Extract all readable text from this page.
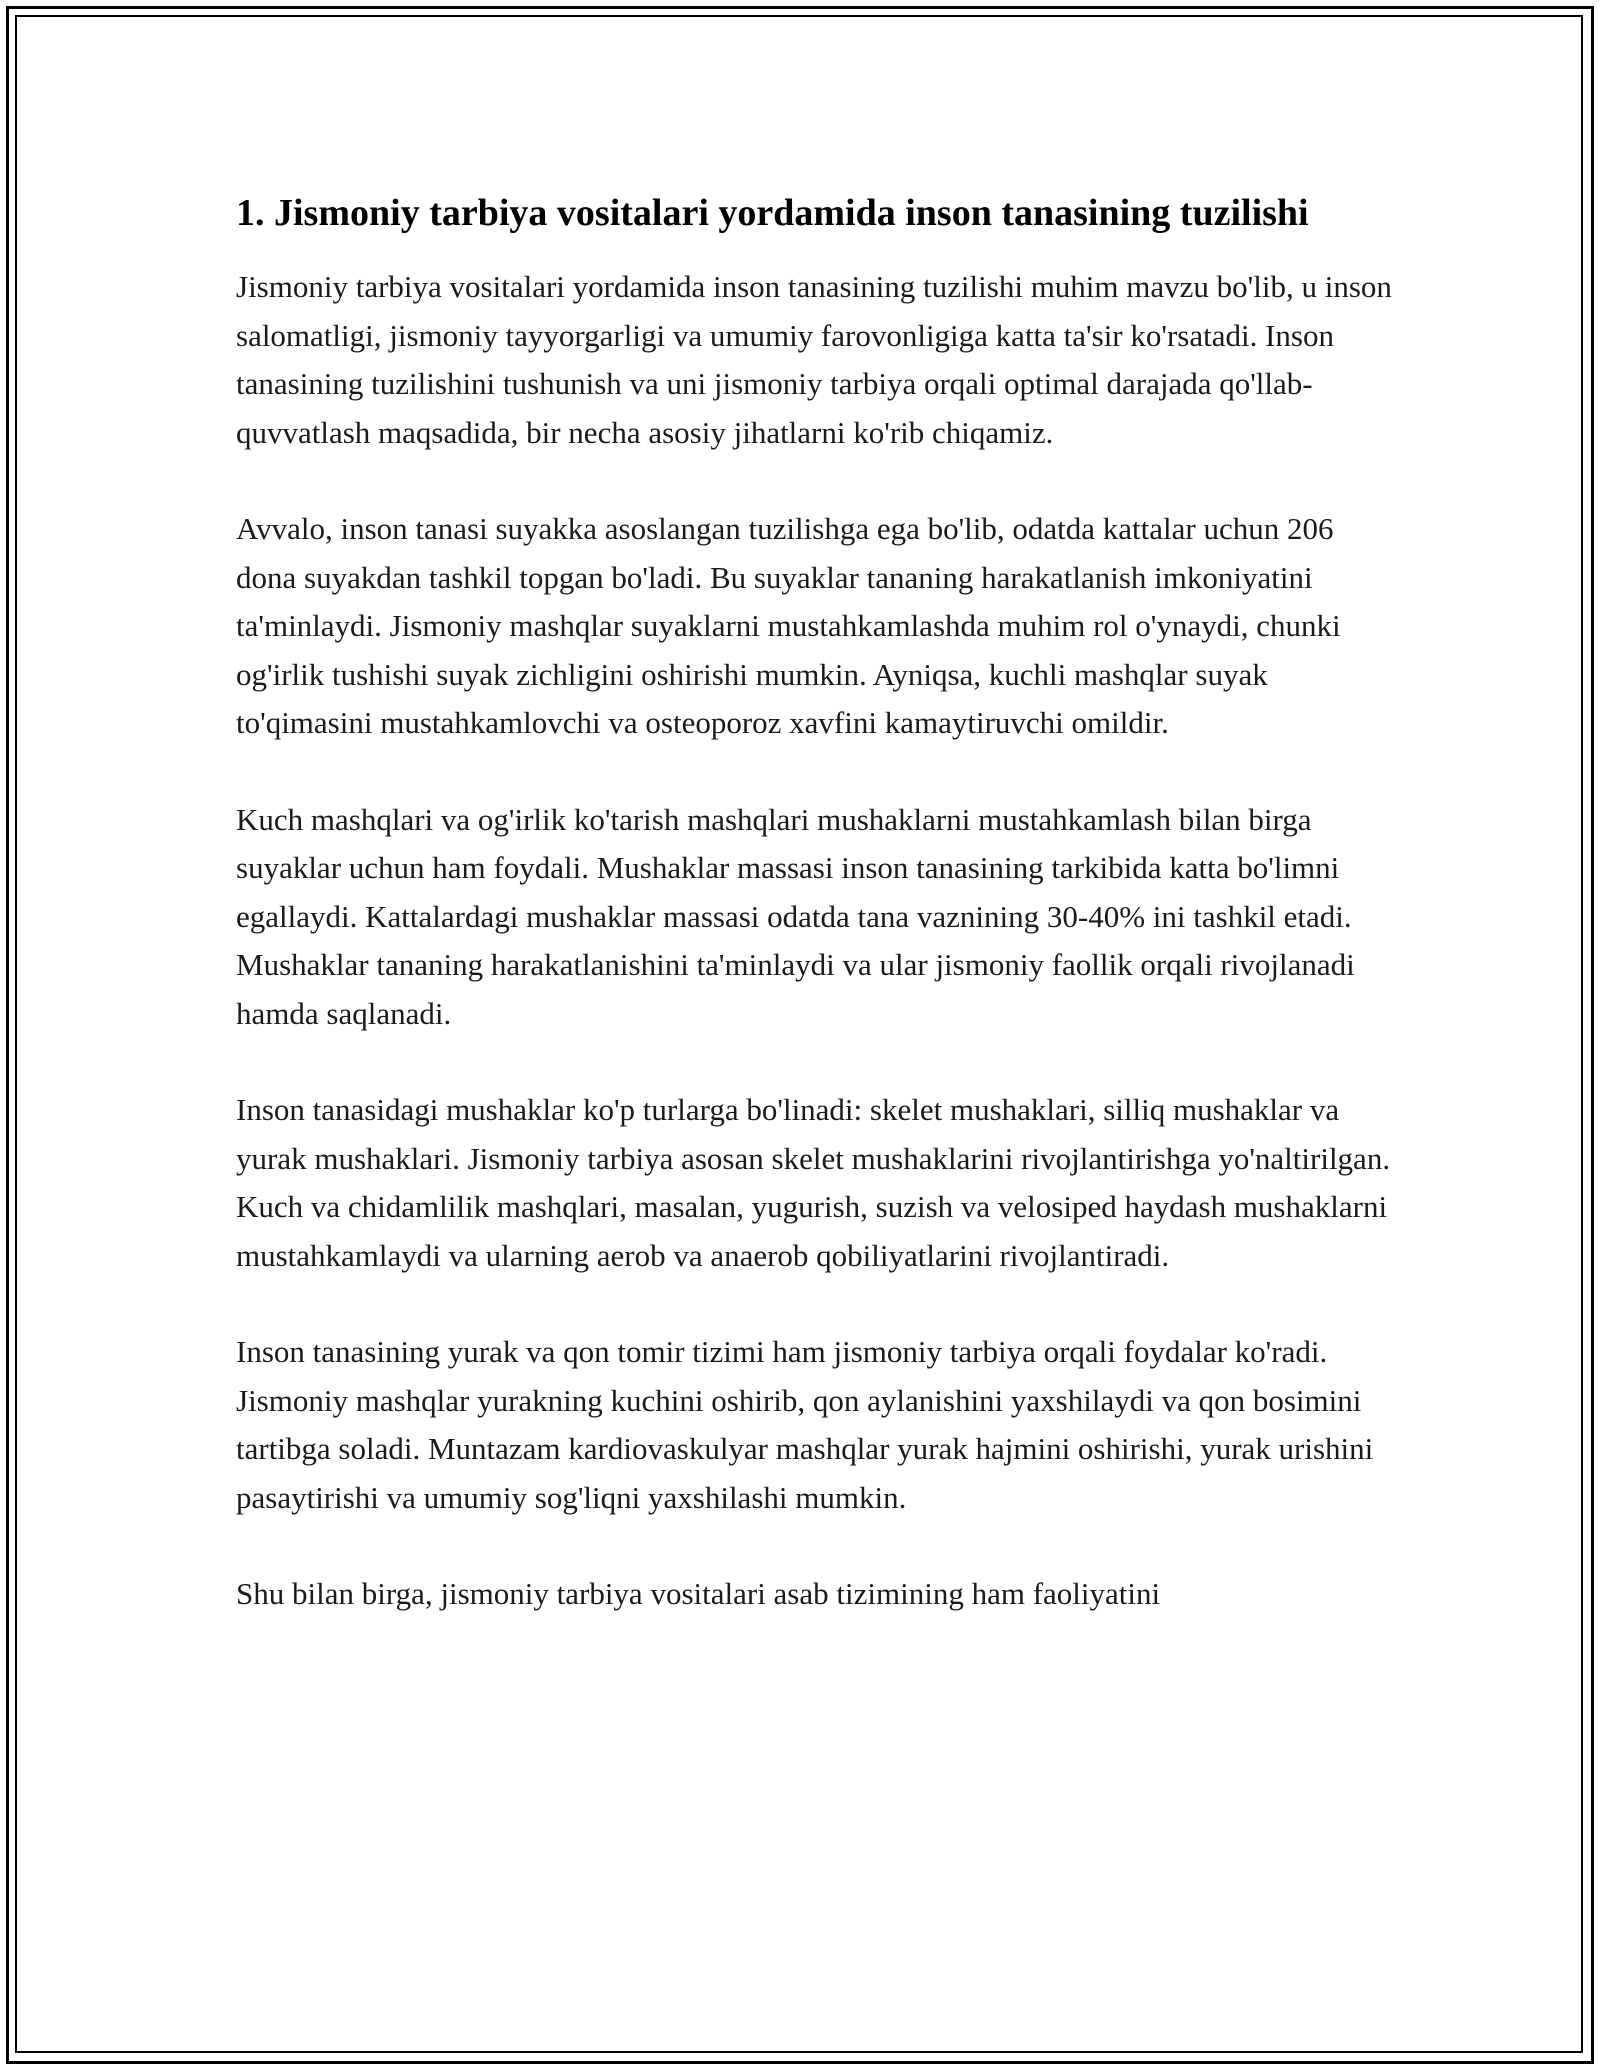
1. Jismoniy tarbiya vositalari yordamida inson tanasining tuzilishi

Jismoniy tarbiya vositalari yordamida inson tanasining tuzilishi muhim mavzu bo'lib, u inson salomatligi, jismoniy tayyorgarligi va umumiy farovonligiga katta ta'sir ko'rsatadi. Inson tanasining tuzilishini tushunish va uni jismoniy tarbiya orqali optimal darajada qo'llab-quvvatlash maqsadida, bir necha asosiy jihatlarni ko'rib chiqamiz.

Avvalo, inson tanasi suyakka asoslangan tuzilishga ega bo'lib, odatda kattalar uchun 206 dona suyakdan tashkil topgan bo'ladi. Bu suyaklar tananing harakatlanish imkoniyatini ta'minlaydi. Jismoniy mashqlar suyaklarni mustahkamlashda muhim rol o'ynaydi, chunki og'irlik tushishi suyak zichligini oshirishi mumkin. Ayniqsa, kuchli mashqlar suyak to'qimasini mustahkamlovchi va osteoporoz xavfini kamaytiruvchi omildir.

Kuch mashqlari va og'irlik ko'tarish mashqlari mushaklarni mustahkamlash bilan birga suyaklar uchun ham foydali. Mushaklar massasi inson tanasining tarkibida katta bo'limni egallaydi. Kattalardagi mushaklar massasi odatda tana vaznining 30-40% ini tashkil etadi. Mushaklar tananing harakatlanishini ta'minlaydi va ular jismoniy faollik orqali rivojlanadi hamda saqlanadi.

Inson tanasidagi mushaklar ko'p turlarga bo'linadi: skelet mushaklari, silliq mushaklar va yurak mushaklari. Jismoniy tarbiya asosan skelet mushaklarini rivojlantirishga yo'naltirilgan. Kuch va chidamlilik mashqlari, masalan, yugurish, suzish va velosiped haydash mushaklarni mustahkamlaydi va ularning aerob va anaerob qobiliyatlarini rivojlantiradi.

Inson tanasining yurak va qon tomir tizimi ham jismoniy tarbiya orqali foydalar ko'radi. Jismoniy mashqlar yurakning kuchini oshirib, qon aylanishini yaxshilaydi va qon bosimini tartibga soladi. Muntazam kardiovaskulyar mashqlar yurak hajmini oshirishi, yurak urishini pasaytirishi va umumiy sog'liqni yaxshilashi mumkin.

Shu bilan birga, jismoniy tarbiya vositalari asab tizimining ham faoliyatini
